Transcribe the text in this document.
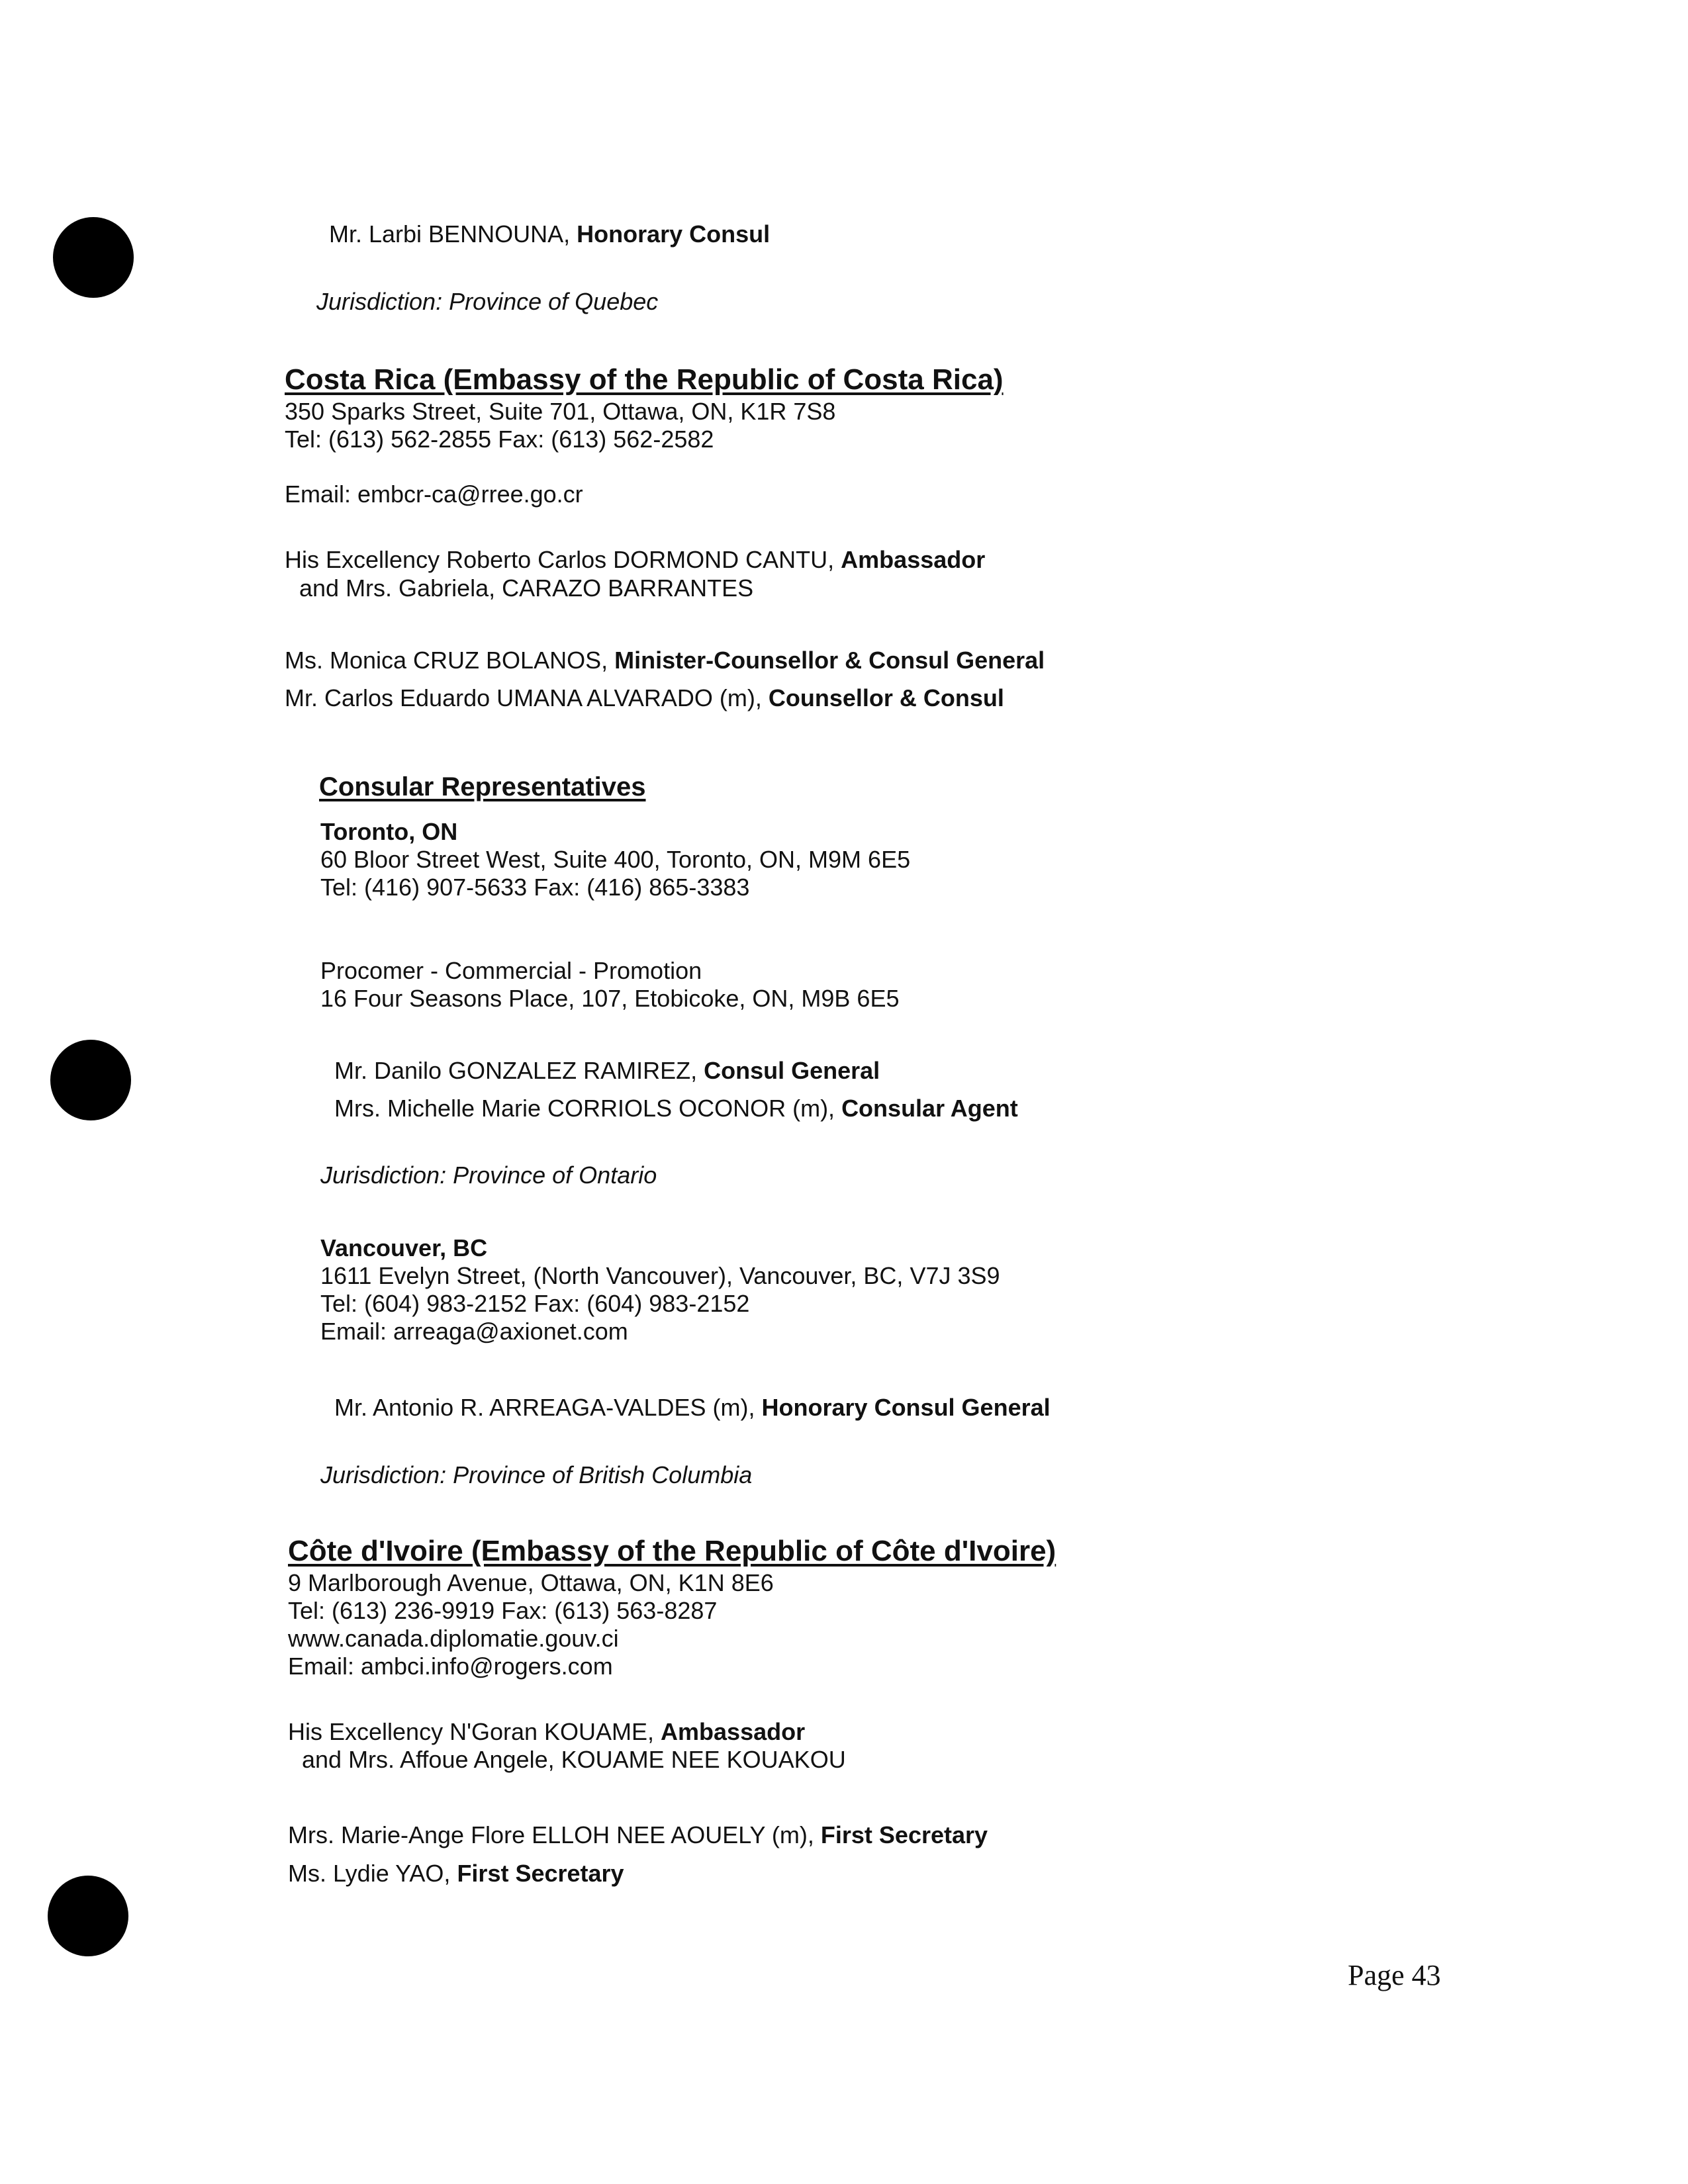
Mr. Larbi BENNOUNA, Honorary Consul
Jurisdiction: Province of Quebec
Costa Rica (Embassy of the Republic of Costa Rica)
350 Sparks Street, Suite 701, Ottawa, ON, K1R 7S8
Tel: (613) 562-2855 Fax: (613) 562-2582
Email: embcr-ca@rree.go.cr
His Excellency Roberto Carlos DORMOND CANTU, Ambassador
and Mrs. Gabriela, CARAZO BARRANTES
Ms. Monica CRUZ BOLANOS, Minister-Counsellor & Consul General
Mr. Carlos Eduardo UMANA ALVARADO (m), Counsellor & Consul
Consular Representatives
Toronto, ON
60 Bloor Street West, Suite 400, Toronto, ON, M9M 6E5
Tel: (416) 907-5633 Fax: (416) 865-3383
Procomer - Commercial - Promotion
16 Four Seasons Place, 107, Etobicoke, ON, M9B 6E5
Mr. Danilo GONZALEZ RAMIREZ, Consul General
Mrs. Michelle Marie CORRIOLS OCONOR (m), Consular Agent
Jurisdiction: Province of Ontario
Vancouver, BC
1611 Evelyn Street, (North Vancouver), Vancouver, BC, V7J 3S9
Tel: (604) 983-2152 Fax: (604) 983-2152
Email: arreaga@axionet.com
Mr. Antonio R. ARREAGA-VALDES (m), Honorary Consul General
Jurisdiction: Province of British Columbia
Côte d'Ivoire (Embassy of the Republic of Côte d'Ivoire)
9 Marlborough Avenue, Ottawa, ON, K1N 8E6
Tel: (613) 236-9919 Fax: (613) 563-8287
www.canada.diplomatie.gouv.ci
Email: ambci.info@rogers.com
His Excellency N'Goran KOUAME, Ambassador
and Mrs. Affoue Angele, KOUAME NEE KOUAKOU
Mrs. Marie-Ange Flore ELLOH NEE AOUELY (m), First Secretary
Ms. Lydie YAO, First Secretary
Page 43
